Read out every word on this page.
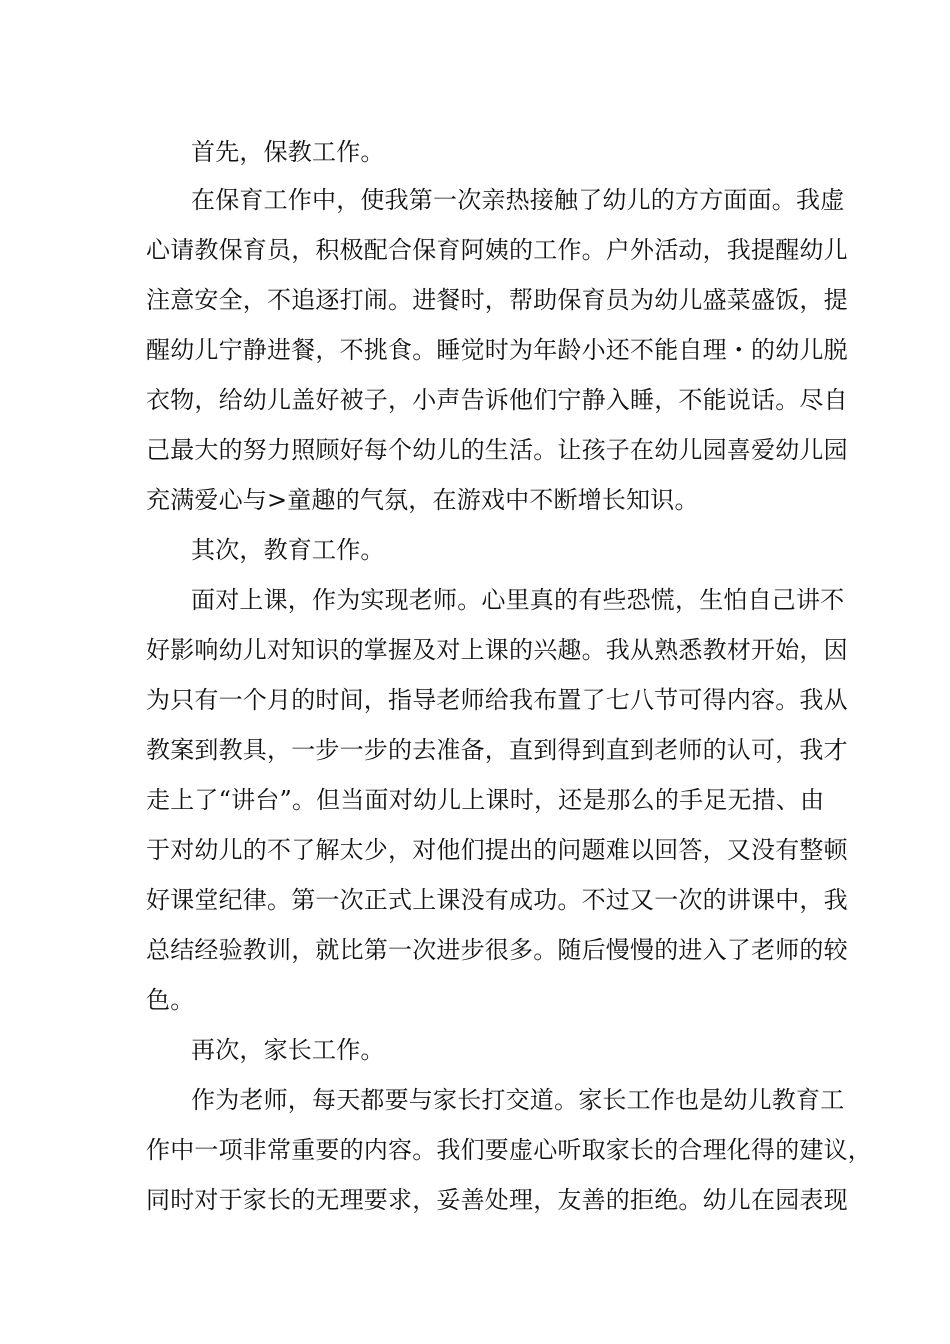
首先，保教工作。
在保育工作中，使我第一次亲热接触了幼儿的方方面面。我虚
心请教保育员，积极配合保育阿姨的工作。户外活动，我提醒幼儿
注意安全，不追逐打闹。进餐时，帮助保育员为幼儿盛菜盛饭，提
醒幼儿宁静进餐，不挑食。睡觉时为年龄小还不能自理・的幼儿脱
衣物，给幼儿盖好被子，小声告诉他们宁静入睡，不能说话。尽自
己最大的努力照顾好每个幼儿的生活。让孩子在幼儿园喜爱幼儿园
充满爱心与>童趣的气氛，在游戏中不断增长知识。
其次，教育工作。
面对上课，作为实现老师。心里真的有些恐慌，生怕自己讲不
好影响幼儿对知识的掌握及对上课的兴趣。我从熟悉教材开始，因
为只有一个月的时间，指导老师给我布置了七八节可得内容。我从
教案到教具，一步一步的去准备，直到得到直到老师的认可，我才
走上了“讲台”。但当面对幼儿上课时，还是那么的手足无措、由
于对幼儿的不了解太少，对他们提出的问题难以回答，又没有整顿
好课堂纪律。第一次正式上课没有成功。不过又一次的讲课中，我
总结经验教训，就比第一次进步很多。随后慢慢的进入了老师的较
色。
再次，家长工作。
作为老师，每天都要与家长打交道。家长工作也是幼儿教育工
作中一项非常重要的内容。我们要虚心听取家长的合理化得的建议，
同时对于家长的无理要求，妥善处理，友善的拒绝。幼儿在园表现
